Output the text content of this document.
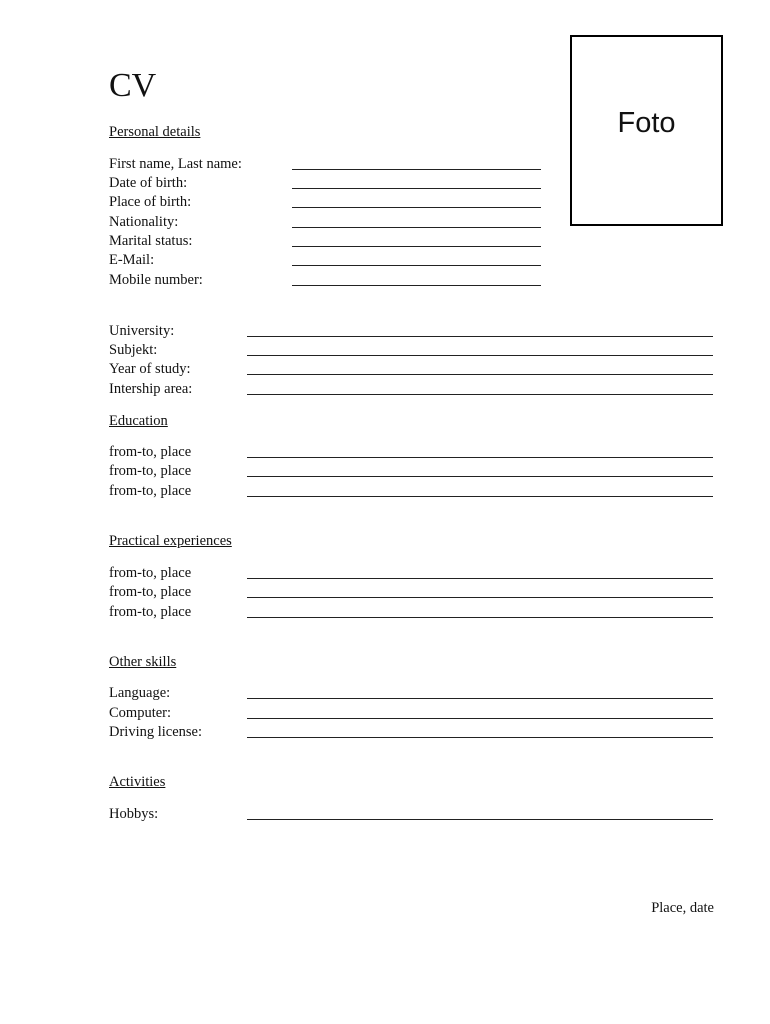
CV
Foto
Personal details
First name, Last name:
Date of birth:
Place of birth:
Nationality:
Marital status:
E-Mail:
Mobile number:
University:
Subjekt:
Year of study:
Intership area:
Education
from-to, place
from-to, place
from-to, place
Practical experiences
from-to, place
from-to, place
from-to, place
Other skills
Language:
Computer:
Driving license:
Activities
Hobbys:
Place, date
